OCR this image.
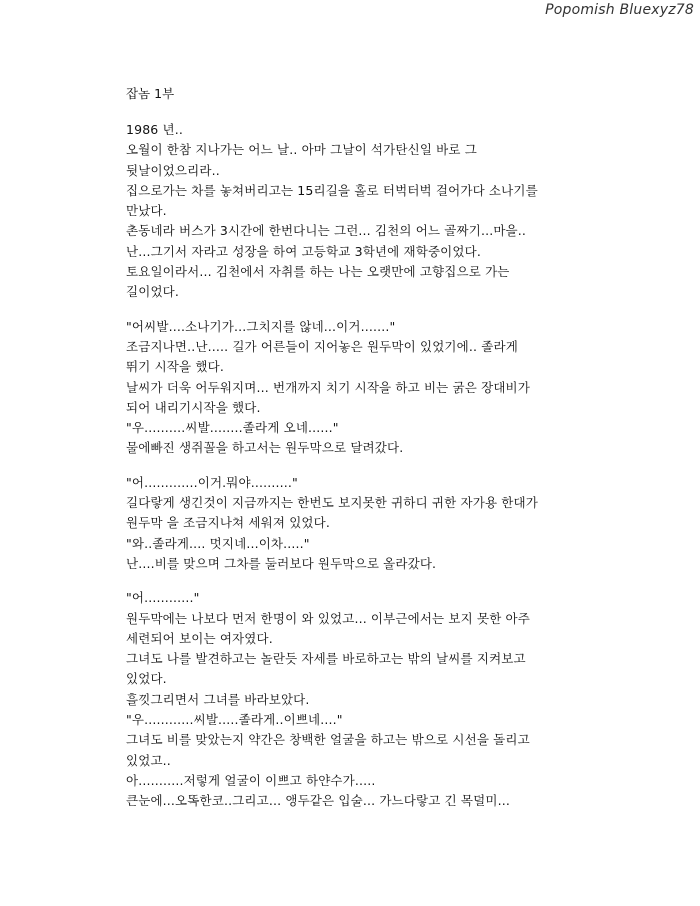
Popomish Bluexyz78
잡놈 1부
1986 년..
오월이 한참 지나가는 어느 날.. 아마 그날이 석가탄신일 바로 그
뒷날이었으리라..
집으로가는 차를 놓쳐버리고는 15리길을 홀로 터벅터벅 걸어가다 소나기를
만났다.
촌동네라 버스가 3시간에 한번다니는 그런... 김천의 어느 골짜기...마을..
난...그기서 자라고 성장을 하여 고등학교 3학년에 재학중이었다.
토요일이라서... 김천에서 자취를 하는 나는 오랫만에 고향집으로 가는
길이었다.
"어씨발....소나기가...그치지를 않네...이거......."
조금지나면..난..... 길가 어른들이 지어놓은 원두막이 있었기에.. 졸라게
뛰기 시작을 했다.
날씨가 더욱 어두워지며... 번개까지 치기 시작을 하고 비는 굵은 장대비가
되어 내리기시작을 했다.
"우..........씨발........졸라게 오네......"
물에빠진 생쥐꼴을 하고서는 원두막으로 달려갔다.
"어.............이거.뭐야.........."
길다랗게 생긴것이 지금까지는 한번도 보지못한 귀하디 귀한 자가용 한대가
원두막 을 조금지나쳐 세워져 있었다.
"와..졸라게.... 멋지네...이차....."
난....비를 맞으며 그차를 둘러보다 원두막으로 올라갔다.
"어............"
원두막에는 나보다 먼저 한명이 와 있었고... 이부근에서는 보지 못한 아주
세련되어 보이는 여자였다.
그녀도 나를 발견하고는 놀란듯 자세를 바로하고는 밖의 날씨를 지켜보고
있었다.
흘낏그리면서 그녀를 바라보았다.
"우............씨발.....졸라게..이쁘네...."
그녀도 비를 맞았는지 약간은 창백한 얼굴을 하고는 밖으로 시선을 돌리고
있었고..
아...........저렇게 얼굴이 이쁘고 하얀수가.....
큰눈에...오똑한코..그리고... 앵두같은 입술... 가느다랗고 긴 목덜미...
